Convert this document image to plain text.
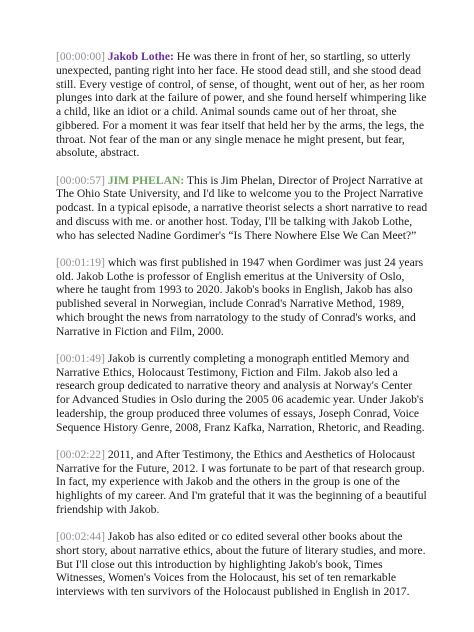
[00:00:00] Jakob Lothe: He was there in front of her, so startling, so utterly unexpected, panting right into her face. He stood dead still, and she stood dead still. Every vestige of control, of sense, of thought, went out of her, as her room plunges into dark at the failure of power, and she found herself whimpering like a child, like an idiot or a child. Animal sounds came out of her throat, she gibbered. For a moment it was fear itself that held her by the arms, the legs, the throat. Not fear of the man or any single menace he might present, but fear, absolute, abstract.

[00:00:57] JIM PHELAN: This is Jim Phelan, Director of Project Narrative at The Ohio State University, and I'd like to welcome you to the Project Narrative podcast. In a typical episode, a narrative theorist selects a short narrative to read and discuss with me. or another host. Today, I'll be talking with Jakob Lothe, who has selected Nadine Gordimer's “Is There Nowhere Else We Can Meet?”

[00:01:19] which was first published in 1947 when Gordimer was just 24 years old. Jakob Lothe is professor of English emeritus at the University of Oslo, where he taught from 1993 to 2020. Jakob's books in English, Jakob has also published several in Norwegian, include Conrad's Narrative Method, 1989, which brought the news from narratology to the study of Conrad's works, and Narrative in Fiction and Film, 2000.

[00:01:49] Jakob is currently completing a monograph entitled Memory and Narrative Ethics, Holocaust Testimony, Fiction and Film. Jakob also led a research group dedicated to narrative theory and analysis at Norway's Center for Advanced Studies in Oslo during the 2005 06 academic year. Under Jakob's leadership, the group produced three volumes of essays, Joseph Conrad, Voice Sequence History Genre, 2008, Franz Kafka, Narration, Rhetoric, and Reading.

[00:02:22] 2011, and After Testimony, the Ethics and Aesthetics of Holocaust Narrative for the Future, 2012. I was fortunate to be part of that research group. In fact, my experience with Jakob and the others in the group is one of the highlights of my career. And I'm grateful that it was the beginning of a beautiful friendship with Jakob.

[00:02:44] Jakob has also edited or co edited several other books about the short story, about narrative ethics, about the future of literary studies, and more. But I'll close out this introduction by highlighting Jakob's book, Times Witnesses, Women's Voices from the Holocaust, his set of ten remarkable interviews with ten survivors of the Holocaust published in English in 2017.
